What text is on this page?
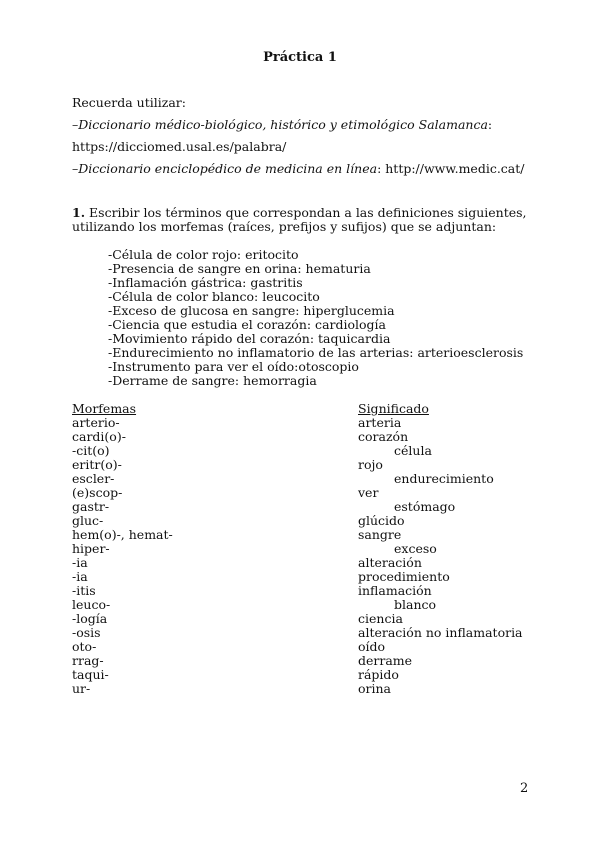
Práctica 1
Recuerda utilizar:
–Diccionario médico-biológico, histórico y etimológico Salamanca:
https://dicciomed.usal.es/palabra/
–Diccionario enciclopédico de medicina en línea: http://www.medic.cat/
1. Escribir los términos que correspondan a las definiciones siguientes, utilizando los morfemas (raíces, prefijos y sufijos) que se adjuntan:
-Célula de color rojo: eritocito
-Presencia de sangre en orina: hematuria
-Inflamación gástrica: gastritis
-Célula de color blanco: leucocito
-Exceso de glucosa en sangre: hiperglucemia
-Ciencia que estudia el corazón: cardiología
-Movimiento rápido del corazón: taquicardia
-Endurecimiento no inflamatorio de las arterias: arterioesclerosis
-Instrumento para ver el oído:otoscopio
-Derrame de sangre: hemorragia
Morfemas
arterio-
cardi(o)-
-cit(o)
eritr(o)-
escler-
(e)scop-
gastr-
gluc-
hem(o)-, hemat-
hiper-
-ia
-ia
-itis
leuco-
-logía
-osis
oto-
rrag-
taqui-
ur-
Significado
arteria
corazón
célula
rojo
endurecimiento
ver
estómago
glúcido
sangre
exceso
alteración
procedimiento
inflamación
blanco
ciencia
alteración no inflamatoria
oído
derrame
rápido
orina
2
